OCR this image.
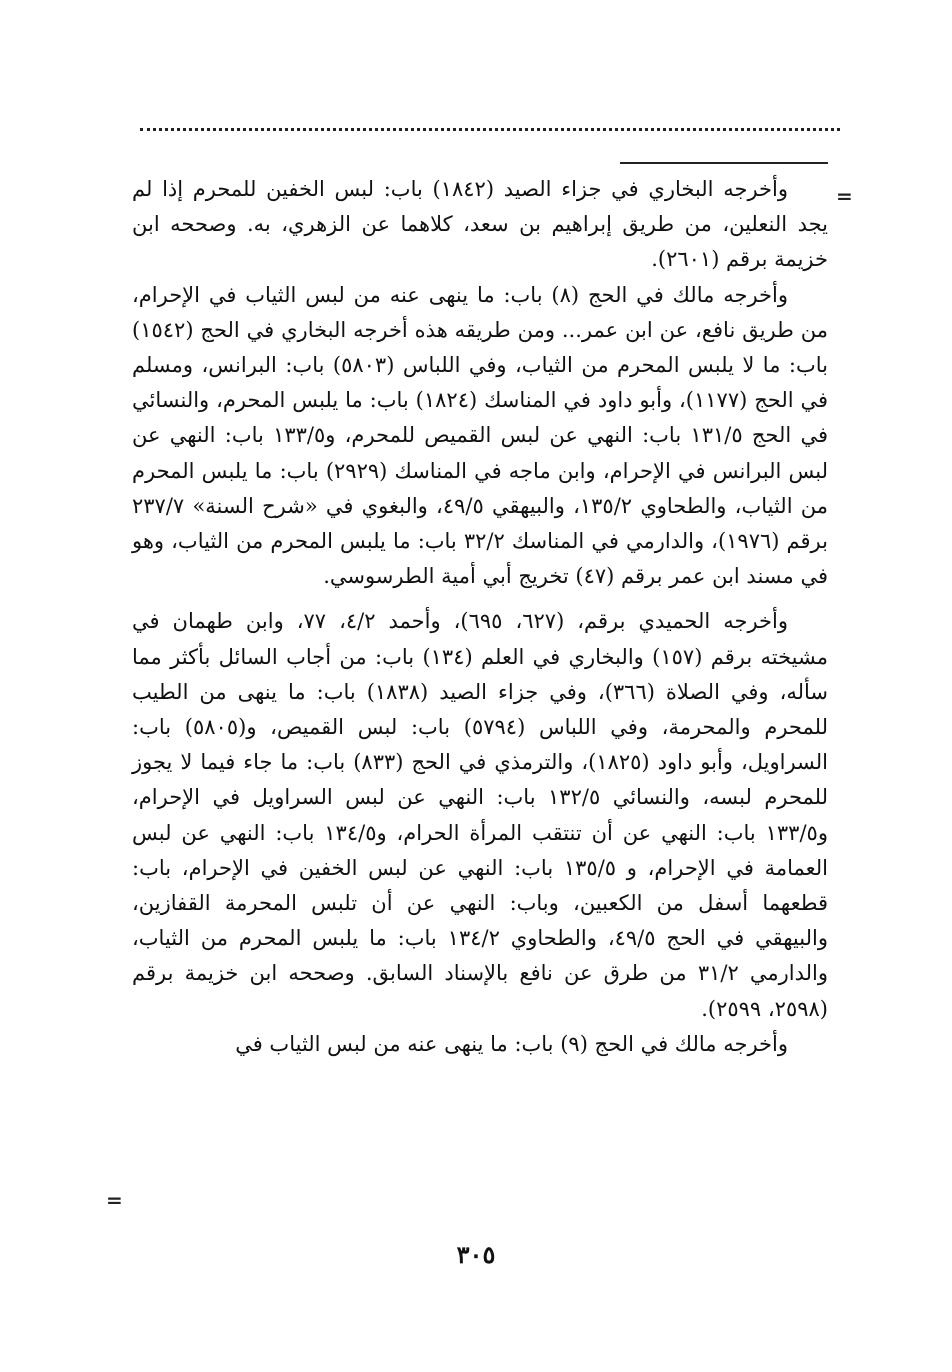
=

وأخرجه البخاري في جزاء الصيد (١٨٤٢) باب: لبس الخفين للمحرم إذا لم يجد النعلين، من طريق إبراهيم بن سعد، كلاهما عن الزهري، به. وصححه ابن خزيمة برقم (٢٦٠١).

وأخرجه مالك في الحج (٨) باب: ما ينهى عنه من لبس الثياب في الإحرام، من طريق نافع، عن ابن عمر... ومن طريقه هذه أخرجه البخاري في الحج (١٥٤٢) باب: ما لا يلبس المحرم من الثياب، وفي اللباس (٥٨٠٣) باب: البرانس، ومسلم في الحج (١١٧٧)، وأبو داود في المناسك (١٨٢٤) باب: ما يلبس المحرم، والنسائي في الحج ١٣١/٥ باب: النهي عن لبس القميص للمحرم، و١٣٣/٥ باب: النهي عن لبس البرانس في الإحرام، وابن ماجه في المناسك (٢٩٢٩) باب: ما يلبس المحرم من الثياب، والطحاوي ١٣٥/٢، والبيهقي ٤٩/٥، والبغوي في «شرح السنة» ٢٣٧/٧ برقم (١٩٧٦)، والدارمي في المناسك ٣٢/٢ باب: ما يلبس المحرم من الثياب، وهو في مسند ابن عمر برقم (٤٧) تخريج أبي أمية الطرسوسي.

وأخرجه الحميدي برقم، (٦٢٧، ٦٩٥)، وأحمد ٤/٢، ٧٧، وابن طهمان في مشيخته برقم (١٥٧) والبخاري في العلم (١٣٤) باب: من أجاب السائل بأكثر مما سأله، وفي الصلاة (٣٦٦)، وفي جزاء الصيد (١٨٣٨) باب: ما ينهى من الطيب للمحرم والمحرمة، وفي اللباس (٥٧٩٤) باب: لبس القميص، و(٥٨٠٥) باب: السراويل، وأبو داود (١٨٢٥)، والترمذي في الحج (٨٣٣) باب: ما جاء فيما لا يجوز للمحرم لبسه، والنسائي ١٣٢/٥ باب: النهي عن لبس السراويل في الإحرام، و١٣٣/٥ باب: النهي عن أن تنتقب المرأة الحرام، و١٣٤/٥ باب: النهي عن لبس العمامة في الإحرام، و ١٣٥/٥ باب: النهي عن لبس الخفين في الإحرام، باب: قطعهما أسفل من الكعبين، وباب: النهي عن أن تلبس المحرمة القفازين، والبيهقي في الحج ٤٩/٥، والطحاوي ١٣٤/٢ باب: ما يلبس المحرم من الثياب، والدارمي ٣١/٢ من طرق عن نافع بالإسناد السابق. وصححه ابن خزيمة برقم (٢٥٩٨، ٢٥٩٩).

وأخرجه مالك في الحج (٩) باب: ما ينهى عنه من لبس الثياب في

=
٣٠٥
